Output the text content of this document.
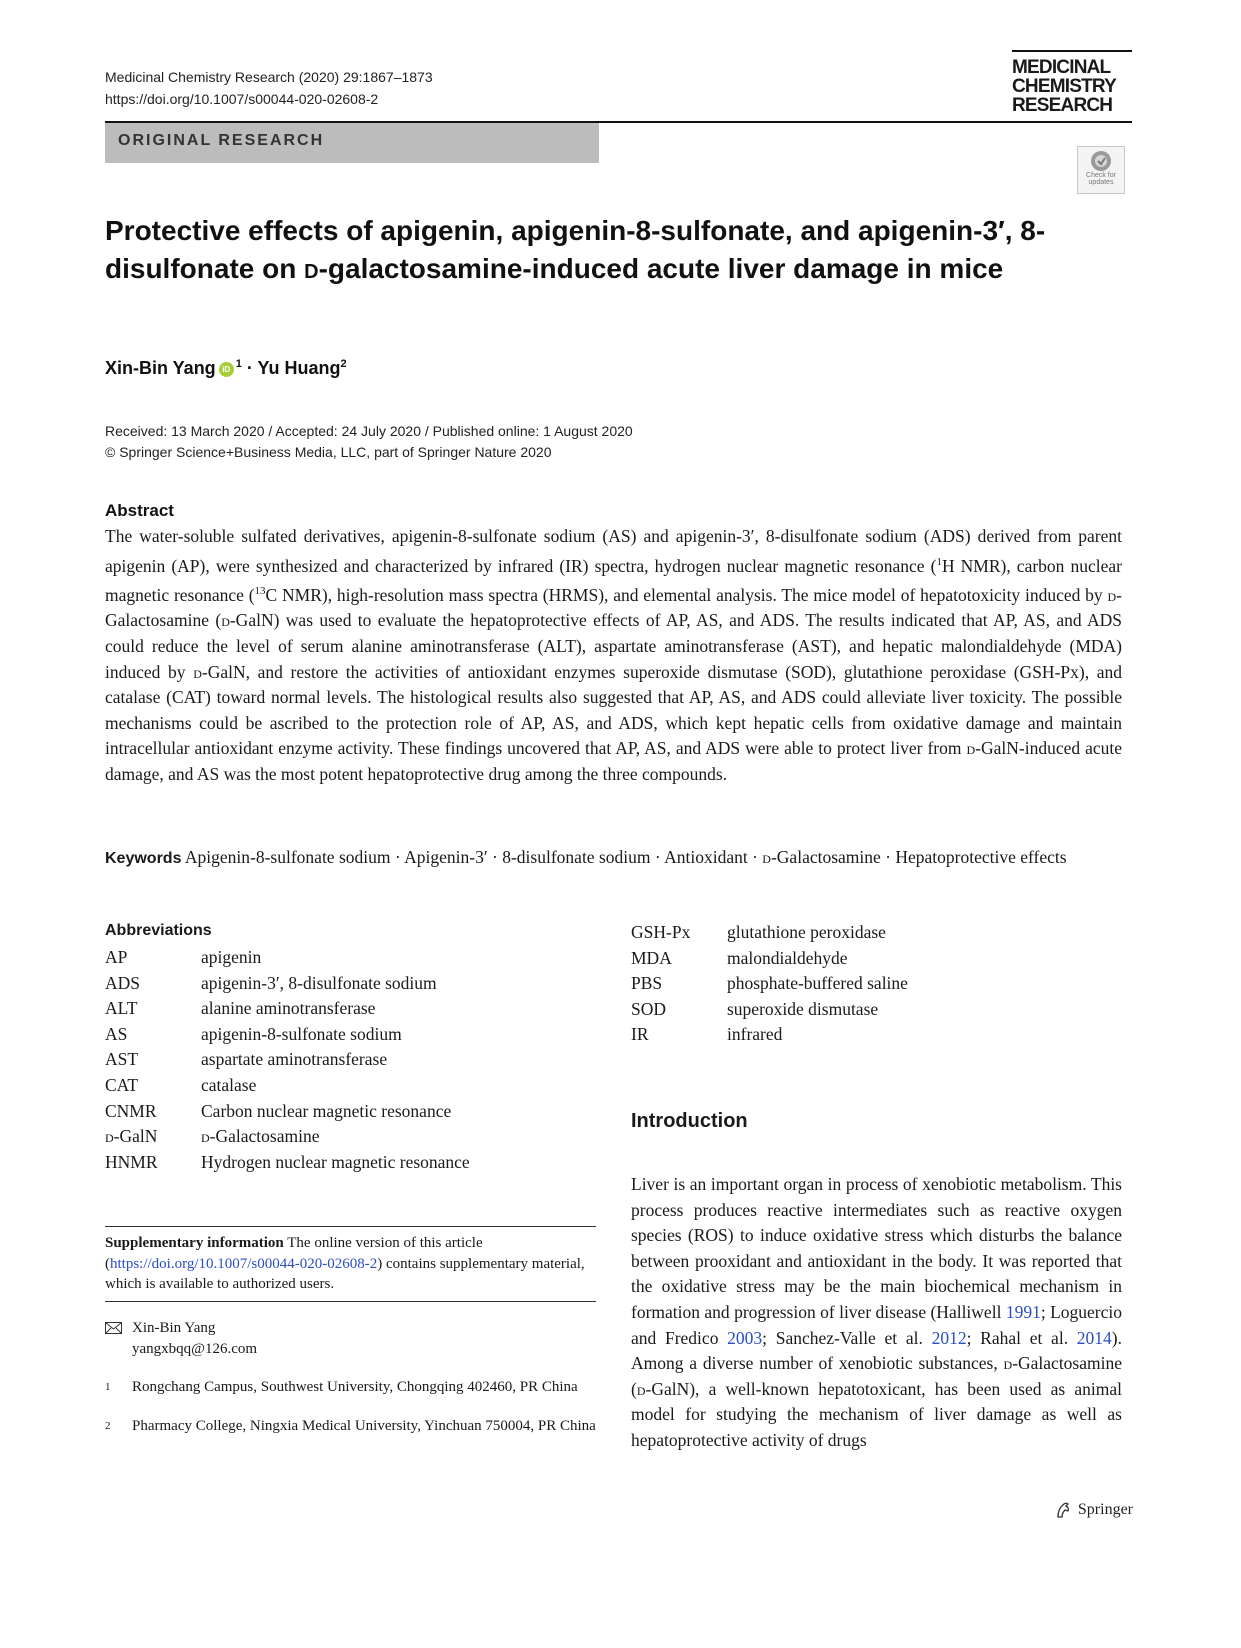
Medicinal Chemistry Research (2020) 29:1867–1873
https://doi.org/10.1007/s00044-020-02608-2
MEDICINAL
CHEMISTRY
RESEARCH
ORIGINAL RESEARCH
Check for updates
Protective effects of apigenin, apigenin-8-sulfonate, and apigenin-3′, 8-disulfonate on d-galactosamine-induced acute liver damage in mice
Xin-Bin Yang iD $^1$ · Yu Huang$^2$
Received: 13 March 2020 / Accepted: 24 July 2020 / Published online: 1 August 2020
© Springer Science+Business Media, LLC, part of Springer Nature 2020
Abstract

The water-soluble sulfated derivatives, apigenin-8-sulfonate sodium (AS) and apigenin-3′, 8-disulfonate sodium (ADS) derived from parent apigenin (AP), were synthesized and characterized by infrared (IR) spectra, hydrogen nuclear magnetic resonance ($^1$H NMR), carbon nuclear magnetic resonance ($^{13}$C NMR), high-resolution mass spectra (HRMS), and elemental analysis. The mice model of hepatotoxicity induced by d-Galactosamine (d-GalN) was used to evaluate the hepatoprotective effects of AP, AS, and ADS. The results indicated that AP, AS, and ADS could reduce the level of serum alanine aminotransferase (ALT), aspartate aminotransferase (AST), and hepatic malondialdehyde (MDA) induced by d-GalN, and restore the activities of antioxidant enzymes superoxide dismutase (SOD), glutathione peroxidase (GSH-Px), and catalase (CAT) toward normal levels. The histological results also suggested that AP, AS, and ADS could alleviate liver toxicity. The possible mechanisms could be ascribed to the protection role of AP, AS, and ADS, which kept hepatic cells from oxidative damage and maintain intracellular antioxidant enzyme activity. These findings uncovered that AP, AS, and ADS were able to protect liver from d-GalN-induced acute damage, and AS was the most potent hepatoprotective drug among the three compounds.

Keywords Apigenin-8-sulfonate sodium · Apigenin-3′ · 8-disulfonate sodium · Antioxidant · d-Galactosamine · Hepatoprotective effects
Abbreviations
AP	apigenin
ADS	apigenin-3′, 8-disulfonate sodium
ALT	alanine aminotransferase
AS	apigenin-8-sulfonate sodium
AST	aspartate aminotransferase
CAT	catalase
CNMR	Carbon nuclear magnetic resonance
d-GalN	d-Galactosamine
HNMR	Hydrogen nuclear magnetic resonance
GSH-Px	glutathione peroxidase
MDA	malondialdehyde
PBS	phosphate-buffered saline
SOD	superoxide dismutase
IR	infrared
Introduction

Liver is an important organ in process of xenobiotic metabolism. This process produces reactive intermediates such as reactive oxygen species (ROS) to induce oxidative stress which disturbs the balance between prooxidant and antioxidant in the body. It was reported that the oxidative stress may be the main biochemical mechanism in formation and progression of liver disease (Halliwell 1991; Loguercio and Fredico 2003; Sanchez-Valle et al. 2012; Rahal et al. 2014). Among a diverse number of xenobiotic substances, d-Galactosamine (d-GalN), a well-known hepatotoxicant, has been used as animal model for studying the mechanism of liver damage as well as hepatoprotective activity of drugs

Supplementary information The online version of this article (https://doi.org/10.1007/s00044-020-02608-2) contains supplementary material, which is available to authorized users.

Xin-Bin Yang
yangxbqq@126.com
1	Rongchang Campus, Southwest University, Chongqing 402460, PR China
2	Pharmacy College, Ningxia Medical University, Yinchuan 750004, PR China
Springer
